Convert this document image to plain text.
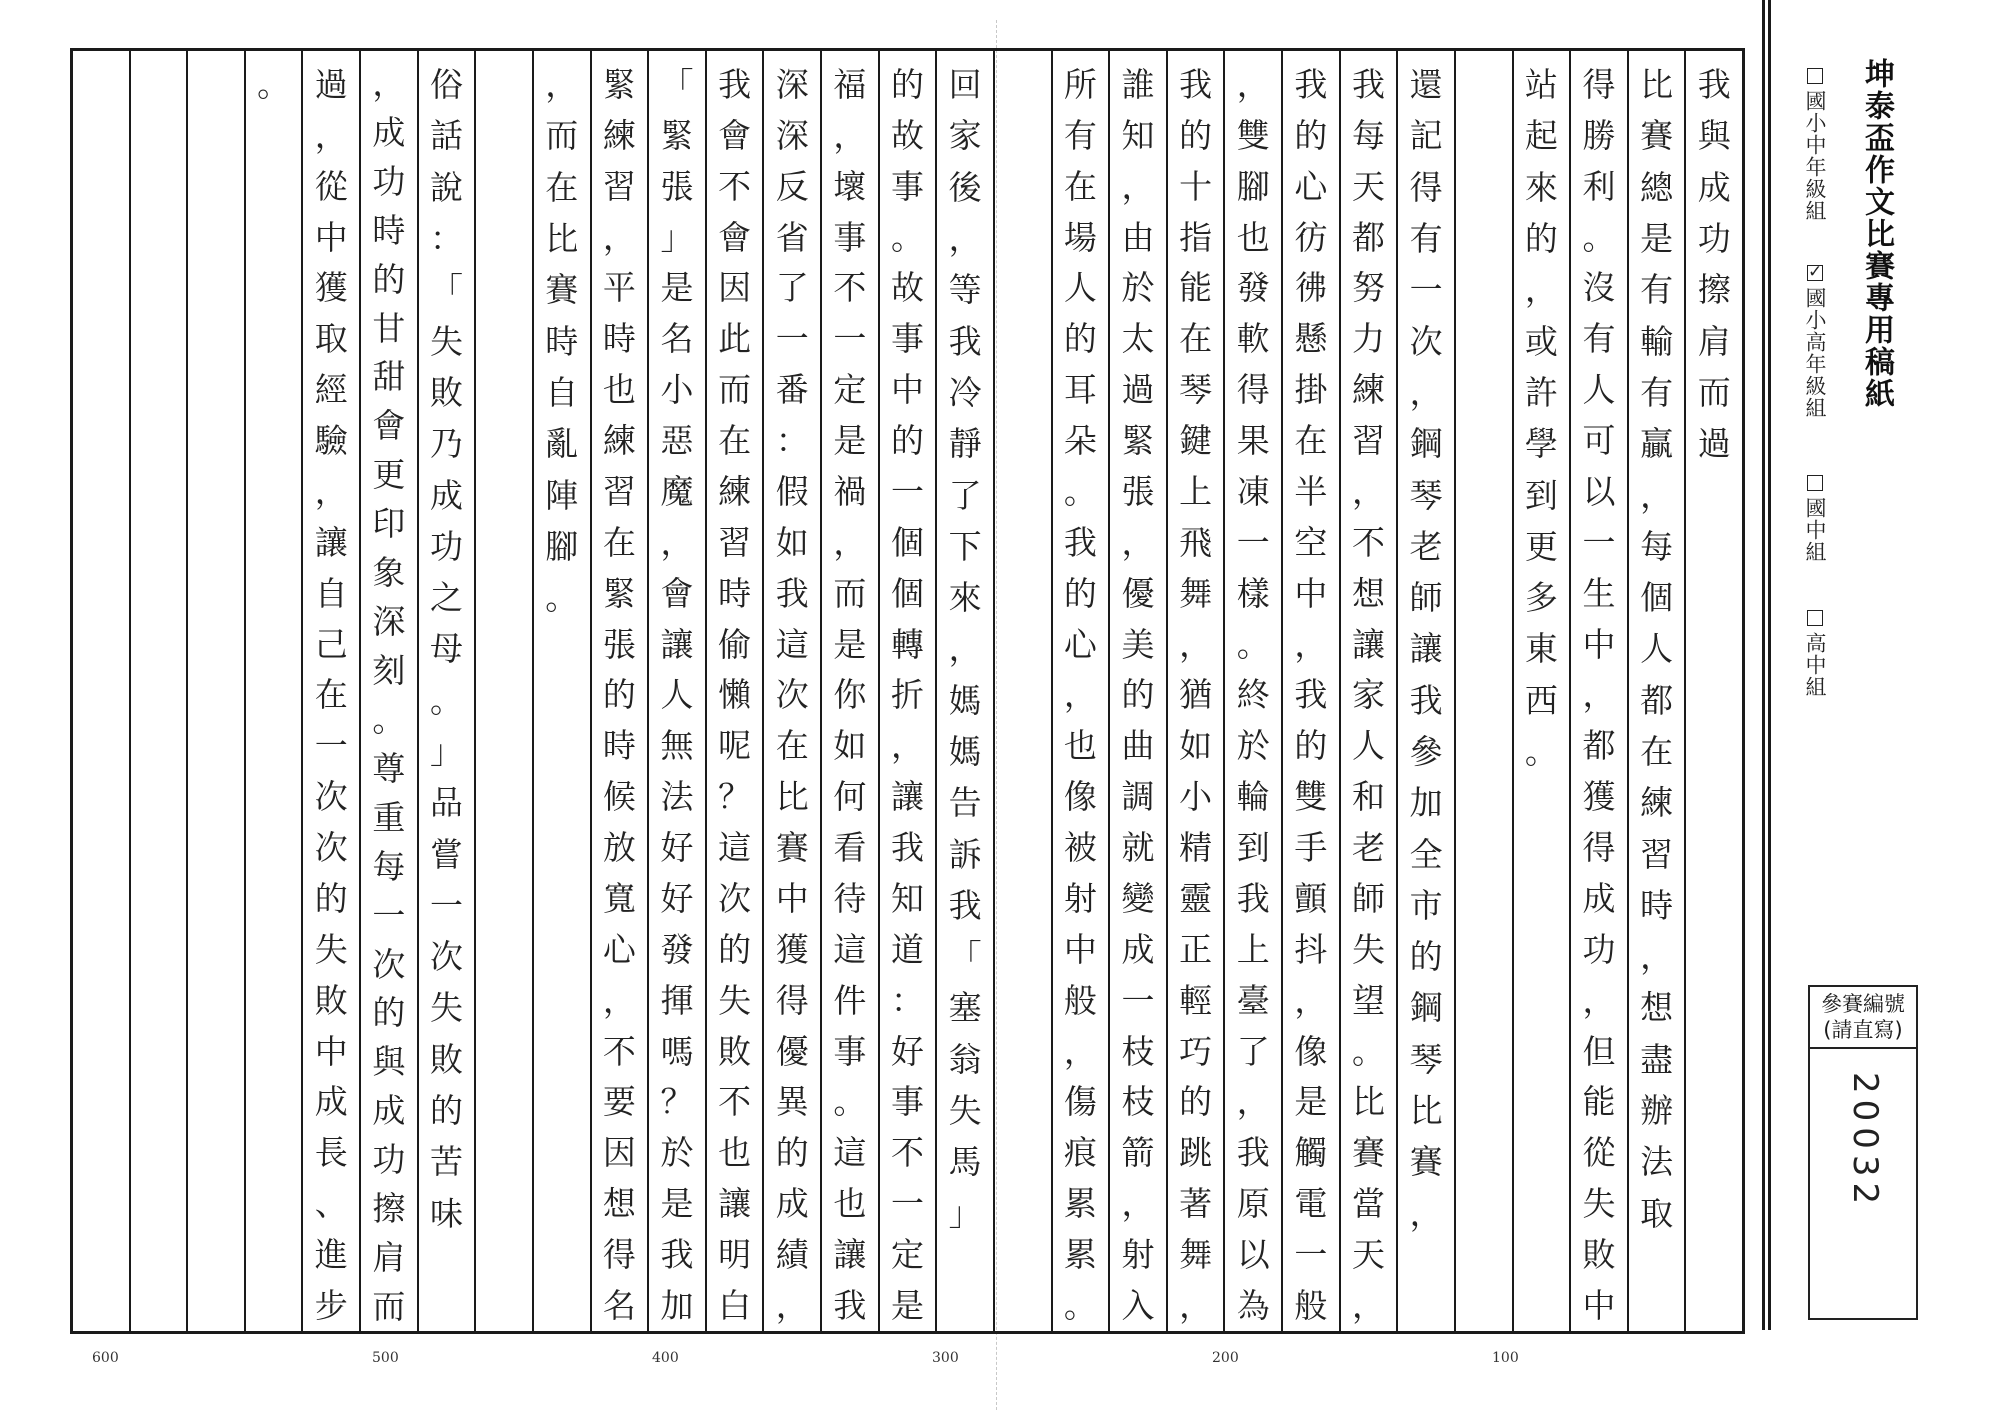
我
與
成
功
擦
肩
而
過
比
賽
總
是
有
輸
有
贏
，
每
個
人
都
在
練
習
時
，
想
盡
辦
法
取
得
勝
利
。
沒
有
人
可
以
一
生
中
，
都
獲
得
成
功
，
但
能
從
失
敗
中
站
起
來
的
，
或
許
學
到
更
多
東
西
。
還
記
得
有
一
次
，
鋼
琴
老
師
讓
我
參
加
全
市
的
鋼
琴
比
賽
，
我
每
天
都
努
力
練
習
，
不
想
讓
家
人
和
老
師
失
望
。
比
賽
當
天
，
我
的
心
彷
彿
懸
掛
在
半
空
中
，
我
的
雙
手
顫
抖
，
像
是
觸
電
一
般
，
雙
腳
也
發
軟
得
果
凍
一
樣
。
終
於
輪
到
我
上
臺
了
，
我
原
以
為
我
的
十
指
能
在
琴
鍵
上
飛
舞
，
猶
如
小
精
靈
正
輕
巧
的
跳
著
舞
，
誰
知
，
由
於
太
過
緊
張
，
優
美
的
曲
調
就
變
成
一
枝
枝
箭
，
射
入
所
有
在
場
人
的
耳
朵
。
我
的
心
，
也
像
被
射
中
般
，
傷
痕
累
累
。
回
家
後
，
等
我
冷
靜
了
下
來
，
媽
媽
告
訴
我
「
塞
翁
失
馬
」
的
故
事
。
故
事
中
的
一
個
個
轉
折
，
讓
我
知
道
：
好
事
不
一
定
是
福
，
壞
事
不
一
定
是
禍
，
而
是
你
如
何
看
待
這
件
事
。
這
也
讓
我
深
深
反
省
了
一
番
：
假
如
我
這
次
在
比
賽
中
獲
得
優
異
的
成
績
，
我
會
不
會
因
此
而
在
練
習
時
偷
懶
呢
？
這
次
的
失
敗
不
也
讓
明
白
「
緊
張
」
是
名
小
惡
魔
，
會
讓
人
無
法
好
好
發
揮
嗎
？
於
是
我
加
緊
練
習
，
平
時
也
練
習
在
緊
張
的
時
候
放
寬
心
，
不
要
因
想
得
名
，
而
在
比
賽
時
自
亂
陣
腳
。
俗
話
說
：
「
失
敗
乃
成
功
之
母
。
」
品
嘗
一
次
失
敗
的
苦
味
，
成
功
時
的
甘
甜
會
更
印
象
深
刻
。
尊
重
每
一
次
的
與
成
功
擦
肩
而
過
，
從
中
獲
取
經
驗
，
讓
自
己
在
一
次
次
的
失
敗
中
成
長
、
進
步
。
600	500	400	300	200	100
坤泰盃作文比賽專用稿紙
國小中年級組
✓
國小高年級組
國中組
高中組
參賽編號
(請直寫)
20032
